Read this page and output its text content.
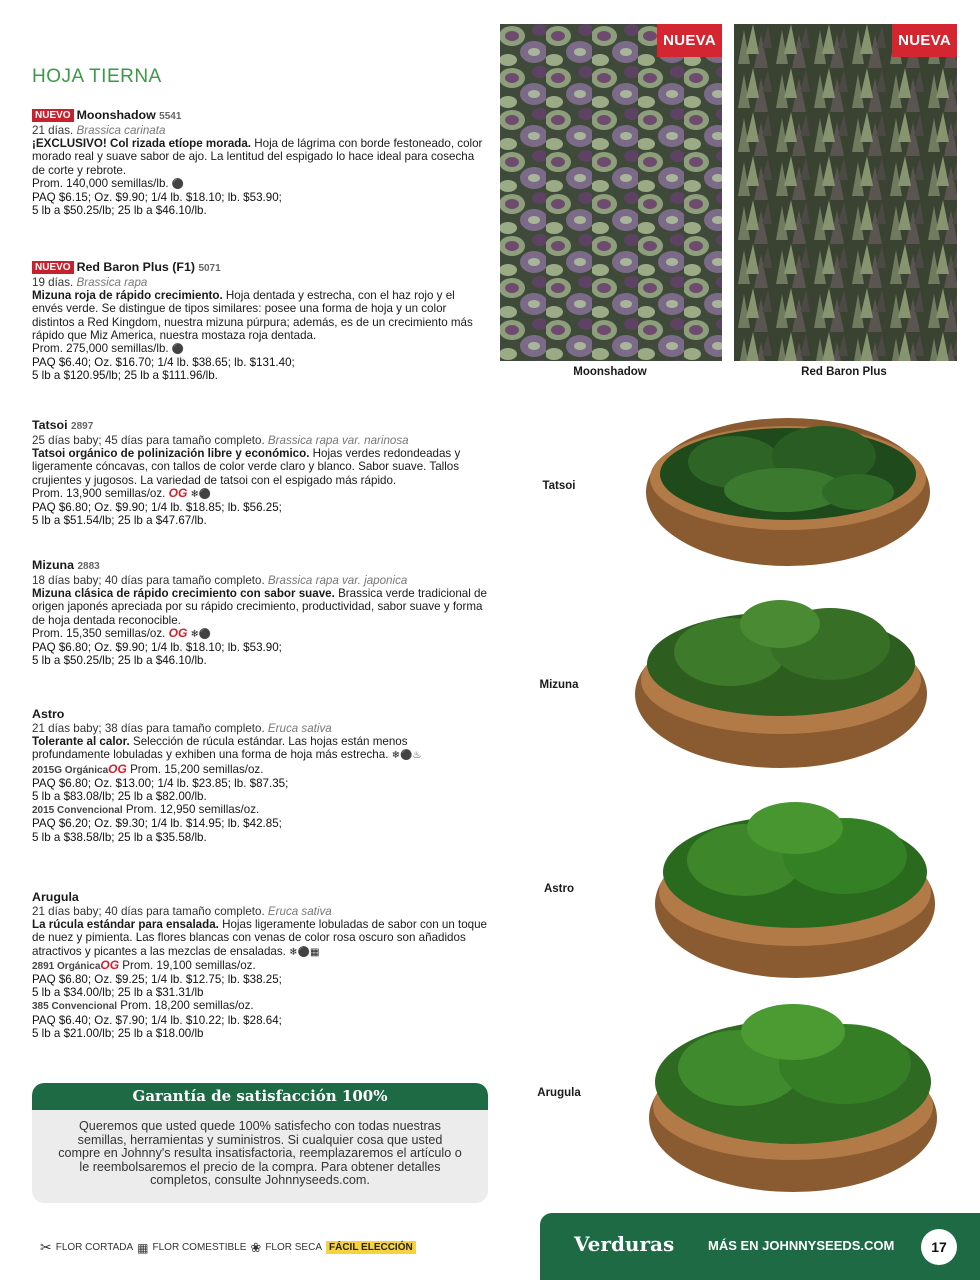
HOJA TIERNA
NUEVO Moonshadow 5541
21 días. Brassica carinata
¡EXCLUSIVO! Col rizada etíope morada. Hoja de lágrima con borde festoneado, color morado real y suave sabor de ajo. La lentitud del espigado lo hace ideal para cosecha de corte y rebrote.
Prom. 140,000 semillas/lb. ⚫
PAQ $6.15; Oz. $9.90; 1/4 lb. $18.10; lb. $53.90;
5 lb a $50.25/lb; 25 lb a $46.10/lb.
NUEVO Red Baron Plus (F1) 5071
19 días. Brassica rapa
Mizuna roja de rápido crecimiento. Hoja dentada y estrecha, con el haz rojo y el envés verde. Se distingue de tipos similares: posee una forma de hoja y un color distintos a Red Kingdom, nuestra mizuna púrpura; además, es de un crecimiento más rápido que Miz America, nuestra mostaza roja dentada.
Prom. 275,000 semillas/lb. ⚫
PAQ $6.40; Oz. $16.70; 1/4 lb. $38.65; lb. $131.40;
5 lb a $120.95/lb; 25 lb a $111.96/lb.
Tatsoi 2897
25 días baby; 45 días para tamaño completo. Brassica rapa var. narinosa
Tatsoi orgánico de polinización libre y económico. Hojas verdes redondeadas y ligeramente cóncavas, con tallos de color verde claro y blanco. Sabor suave. Tallos crujientes y jugosos. La variedad de tatsoi con el espigado más rápido.
Prom. 13,900 semillas/oz. OG ❄⚫
PAQ $6.80; Oz. $9.90; 1/4 lb. $18.85; lb. $56.25;
5 lb a $51.54/lb; 25 lb a $47.67/lb.
Mizuna 2883
18 días baby; 40 días para tamaño completo. Brassica rapa var. japonica
Mizuna clásica de rápido crecimiento con sabor suave. Brassica verde tradicional de origen japonés apreciada por su rápido crecimiento, productividad, sabor suave y forma de hoja dentada reconocible.
Prom. 15,350 semillas/oz. OG ❄⚫
PAQ $6.80; Oz. $9.90; 1/4 lb. $18.10; lb. $53.90;
5 lb a $50.25/lb; 25 lb a $46.10/lb.
Astro
21 días baby; 38 días para tamaño completo. Eruca sativa
Tolerante al calor. Selección de rúcula estándar. Las hojas están menos profundamente lobuladas y exhiben una forma de hoja más estrecha. ❄⚫♨
2015G OrgánicaOG Prom. 15,200 semillas/oz.
PAQ $6.80; Oz. $13.00; 1/4 lb. $23.85; lb. $87.35;
5 lb a $83.08/lb; 25 lb a $82.00/lb.
2015 Convencional Prom. 12,950 semillas/oz.
PAQ $6.20; Oz. $9.30; 1/4 lb. $14.95; lb. $42.85;
5 lb a $38.58/lb; 25 lb a $35.58/lb.
Arugula
21 días baby; 40 días para tamaño completo. Eruca sativa
La rúcula estándar para ensalada. Hojas ligeramente lobuladas de sabor con un toque de nuez y pimienta. Las flores blancas con venas de color rosa oscuro son añadidos atractivos y picantes a las mezclas de ensaladas. ❄⚫▦
2891 OrgánicaOG Prom. 19,100 semillas/oz.
PAQ $6.80; Oz. $9.25; 1/4 lb. $12.75; lb. $38.25;
5 lb a $34.00/lb; 25 lb a $31.31/lb
385 Convencional Prom. 18,200 semillas/oz.
PAQ $6.40; Oz. $7.90; 1/4 lb. $10.22; lb. $28.64;
5 lb a $21.00/lb; 25 lb a $18.00/lb
NUEVA	NUEVA
Moonshadow	Red Baron Plus
Tatsoi
Mizuna
Astro
Arugula
Garantía de satisfacción 100%
Queremos que usted quede 100% satisfecho con todas nuestras semillas, herramientas y suministros. Si cualquier cosa que usted compre en Johnny's resulta insatisfactoria, reemplazaremos el artículo o le reembolsaremos el precio de la compra. Para obtener detalles completos, consulte Johnnyseeds.com.
✂ FLOR CORTADA ▦ FLOR COMESTIBLE ❀ FLOR SECA FÁCIL ELECCIÓN	Verduras	MÁS EN JOHNNYSEEDS.COM	17
